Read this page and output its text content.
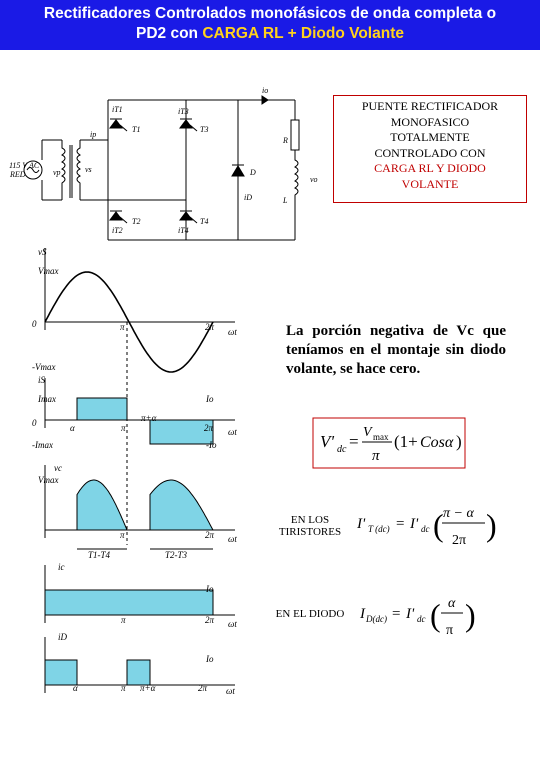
Rectificadores Controlados monofásicos de onda completa o
PD2 con CARGA RL + Diodo Volante
115 V AC
RED	vp	vs
ip
iT1	iT3
iT2	iT4
T1	T3
T2	T4
D
iD
R
L
vo
io
vS
Vmax
0	π	2π ωt
-Vmax
iS
Imax	Io
0	α	π
π+α
2π ωt
-Imax	-Io
vc
Vmax
π	2π ωt
T1-T4	T2-T3
ic
Io
π	2π ωt
iD
Io
α	π π+α	2π ωt
V' dc = V max
π
(1+ Cosα )
I' T (dc) = I' dc ( π − α
2π )
I D(dc) = I' dc ( α
π )
PUENTE RECTIFICADOR
MONOFASICO
TOTALMENTE
CONTROLADO CON
CARGA RL Y DIODO
VOLANTE
La porción negativa de Vc que teníamos en el montaje sin diodo volante, se hace cero.
EN LOS TIRISTORES
EN EL DIODO
